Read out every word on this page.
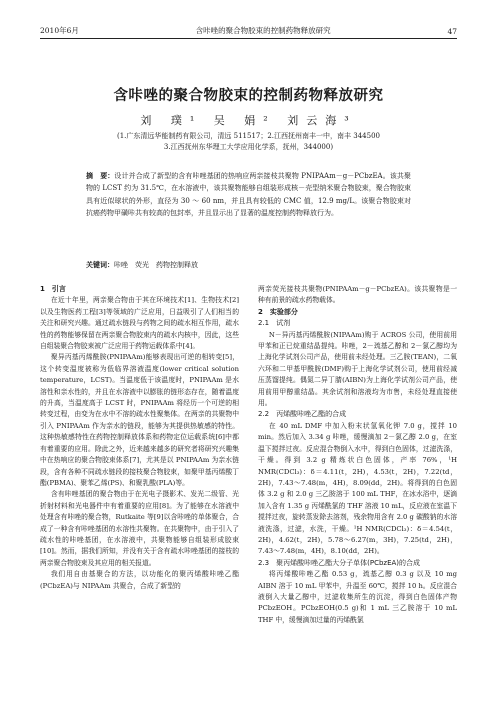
2010年6月	含咔唑的聚合物胶束的控制药物释放研究	47
含咔唑的聚合物胶束的控制药物释放研究
刘 璞¹ 吴 娟² 刘云海³
(1.广东清远华能制药有限公司，清远 511517；2.江西抚州南丰一中，南丰 344500
3.江西抚州东华理工大学应用化学系，抚州，344000)
摘　要：设计并合成了新型的含有咔唑基团的热响应两亲接枝共聚物 PNIPAAm－g－PCbzEA。该共聚物的 LCST 约为 31.5℃，在水溶液中，该共聚物能够自组装形成核－壳型纳米聚合物胶束，聚合物胶束具有近似球状的外形，直径为 30 ～ 60 nm，并且具有较低的 CMC 值，12.9 mg/L。该聚合物胶束对抗癌药物甲磺咔共有较高的包封率，并且显示出了显著的温度控制药物释放行为。
关键词：咔唑　荧光　药物控制释放
1　引言

在近十年里，两亲聚合物由于其在环境技术[1]、生物技术[2]以及生物医药工程[3]等领域的广泛应用，日益吸引了人们相当的关注和研究兴趣。通过疏水链段与药物之间的疏水相互作用，疏水性的药物能够保留在两亲聚合物胶束内的疏水内核中，因此，这些自组装聚合物胶束被广泛应用于药物运载体系中[4]。

聚异丙基丙烯酰胺(PNIPAAm)能够表现出可逆的相转变[5]，这个转变温度被称为低临界溶液温度(lower critical solution temperature，LCST)。当温度低于该温度时，PNIPAAm 是水溶性和亲水性的，并且在水溶液中以膨胀的链形态存在，随着温度的升高，当温度高于 LCST 时，PNIPAAm 将经历一个可逆的相转变过程，由变为在水中不溶的疏水性聚集体。在两亲的共聚物中引入 PNIPAAm 作为亲水的链段，能够为其提供热敏感的特性。这种热敏感特性在药物控制释放体系和药物定位运载系统[6]中都有着重要的应用。除此之外，近来越来越多的研究者将研究兴趣集中在热响应的聚合物胶束体系[7]，尤其是以 PNIPAAm 为亲水链段，含有各种不同疏水链段的接枝聚合物胶束，如聚甲基丙烯酸丁酯(PBMA)、聚苯乙烯(PS)、和聚乳酸(PLA)等。

含有咔唑基团的聚合物由于在光电子摄影术、发光二级管、光折射材料和光电器件中有着重要的应用[8]。为了能够在水溶液中处理含有咔唑的聚合物，Rutkaite 等[9]以含咔唑的单体聚合，合成了一种含有咔唑基团的水溶性共聚物。在共聚物中，由于引入了疏水性的咔唑基团，在水溶液中，共聚物能够自组装形成胶束[10]。然而，据我们所知，并没有关于含有疏水咔唑基团的接枝的两亲聚合物胶束及其应用的相关报道。

我们用自由基聚合的方法，以功能化的聚丙烯酸咔唑乙酯(PCbzEA)与 NIPAAm 共聚合，合成了新型的

两亲荧光接枝共聚物(PNIPAAm－g－PCbzEA)。该共聚物是一种有前景的疏水药物载体。

2　实验部分
2.1　试剂

N－异丙基丙烯酰胺(NIPAAm)购于 ACROS 公司，使用前用甲苯和正已烷重结晶提纯。咔唑，2－巯基乙醇和 2－氯乙醇均为上海化学试剂公司产品，使用前未经处理。三乙胺(TEAN)，二氧六环和二甲基甲酰胺(DMF)购于上海化学试剂公司，使用前经减压蒸馏提纯。偶氮二异丁腈(AIBN)为上海化学试剂公司产品，使用前用甲醇重结晶。其余试剂和溶液均为市售，未经处理直接使用。

2.2　丙烯酸咔唑乙酯的合成

在 40 mL DMF 中加入粉末状氢氧化钾 7.0 g，搅拌 10 min。然后加入 3.34 g 咔唑，缓慢滴加 2－氯乙醇 2.0 g，在室温下搅拌过夜。反应混合物倒入水中，得到白色固体，过滤洗涤，干燥。得到 3.2 g 精炼状白色固体，产率 76%，¹H NMR(CDCl₃)：δ＝4.11(t，2H)，4.53(t，2H)，7.22(td，2H)，7.43～7.48(m，4H)，8.09(dd，2H)。将得到的白色固体 3.2 g 和 2.0 g 三乙胺溶于 100 mL THF，在冰水浴中，逐滴加入含有 1.35 g 丙烯酰氯的 THF 溶液 10 mL，反应液在室温下搅拌过夜，旋转蒸发除去溶剂，残余物用含有 2.0 g 碳酸钠的水溶液洗涤，过滤，水洗，干燥。¹H NMR(CDCl₃)：δ＝4.54(t，2H)，4.62(t，2H)，5.78～6.27(m，3H)，7.25(td，2H)，7.43～7.48(m，4H)，8.10(dd，2H)。

2.3　聚丙烯酸咔唑乙酯大分子单体(PCbzEA)的合成

将丙烯酸咔唑乙酯 0.53 g，巯基乙醇 0.3 g 以及 10 mg AIBN 溶于 10 mL 甲苯中，升温至 60℃，搅拌 10 h。反应混合液倒入大量乙醇中，过滤收集所生的沉淀，得到白色固体产物 PCbzEOH。PCbzEOH(0.5 g)和 1 mL 三乙胺溶于 10 mL THF 中，缓慢滴加过量的丙烯酰氯
